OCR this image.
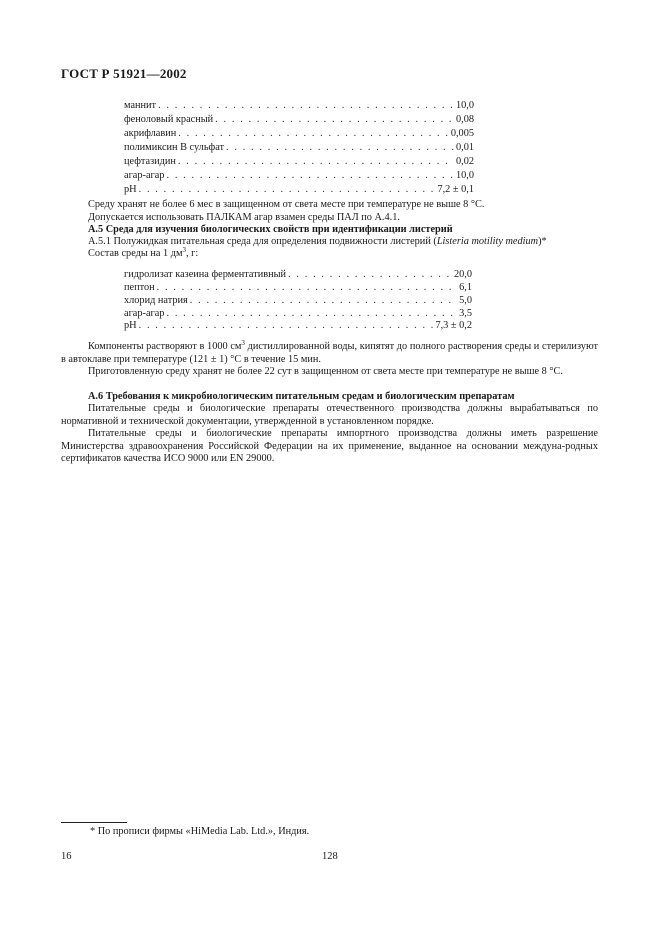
ГОСТ Р 51921—2002
маннит . . .	10,0
феноловый красный . . .	0,08
акрифлавин . . .	0,005
полимиксин В сульфат . . .	0,01
цефтазидин . . .	0,02
агар-агар . . .	10,0
рН . . .	7,2 ± 0,1
Среду хранят не более 6 мес в защищенном от света месте при температуре не выше 8 °С.
Допускается использовать ПАЛКАМ агар взамен среды ПАЛ по А.4.1.
А.5 Среда для изучения биологических свойств при идентификации листерий
А.5.1 Полужидкая питательная среда для определения подвижности листерий (Listeria motility medium)*
Состав среды на 1 $дм^3$, г:
гидролизат казеина ферментативный . . .	20,0
пептон . . .	6,1
хлорид натрия . . .	5,0
агар-агар . . .	3,5
рН . . .	7,3 ± 0,2
Компоненты растворяют в 1000 $см^3$ дистиллированной воды, кипятят до полного растворения среды и стерилизуют в автоклаве при температуре (121 ± 1) °С в течение 15 мин.
Приготовленную среду хранят не более 22 сут в защищенном от света месте при температуре не выше 8 °С.
А.6 Требования к микробиологическим питательным средам и биологическим препаратам
Питательные среды и биологические препараты отечественного производства должны вырабатываться по нормативной и технической документации, утвержденной в установленном порядке.
Питательные среды и биологические препараты импортного производства должны иметь разрешение Министерства здравоохранения Российской Федерации на их применение, выданное на основании междуна-родных сертификатов качества ИСО 9000 или EN 29000.
* По прописи фирмы «HiMedia Lab. Ltd.», Индия.
16	128
